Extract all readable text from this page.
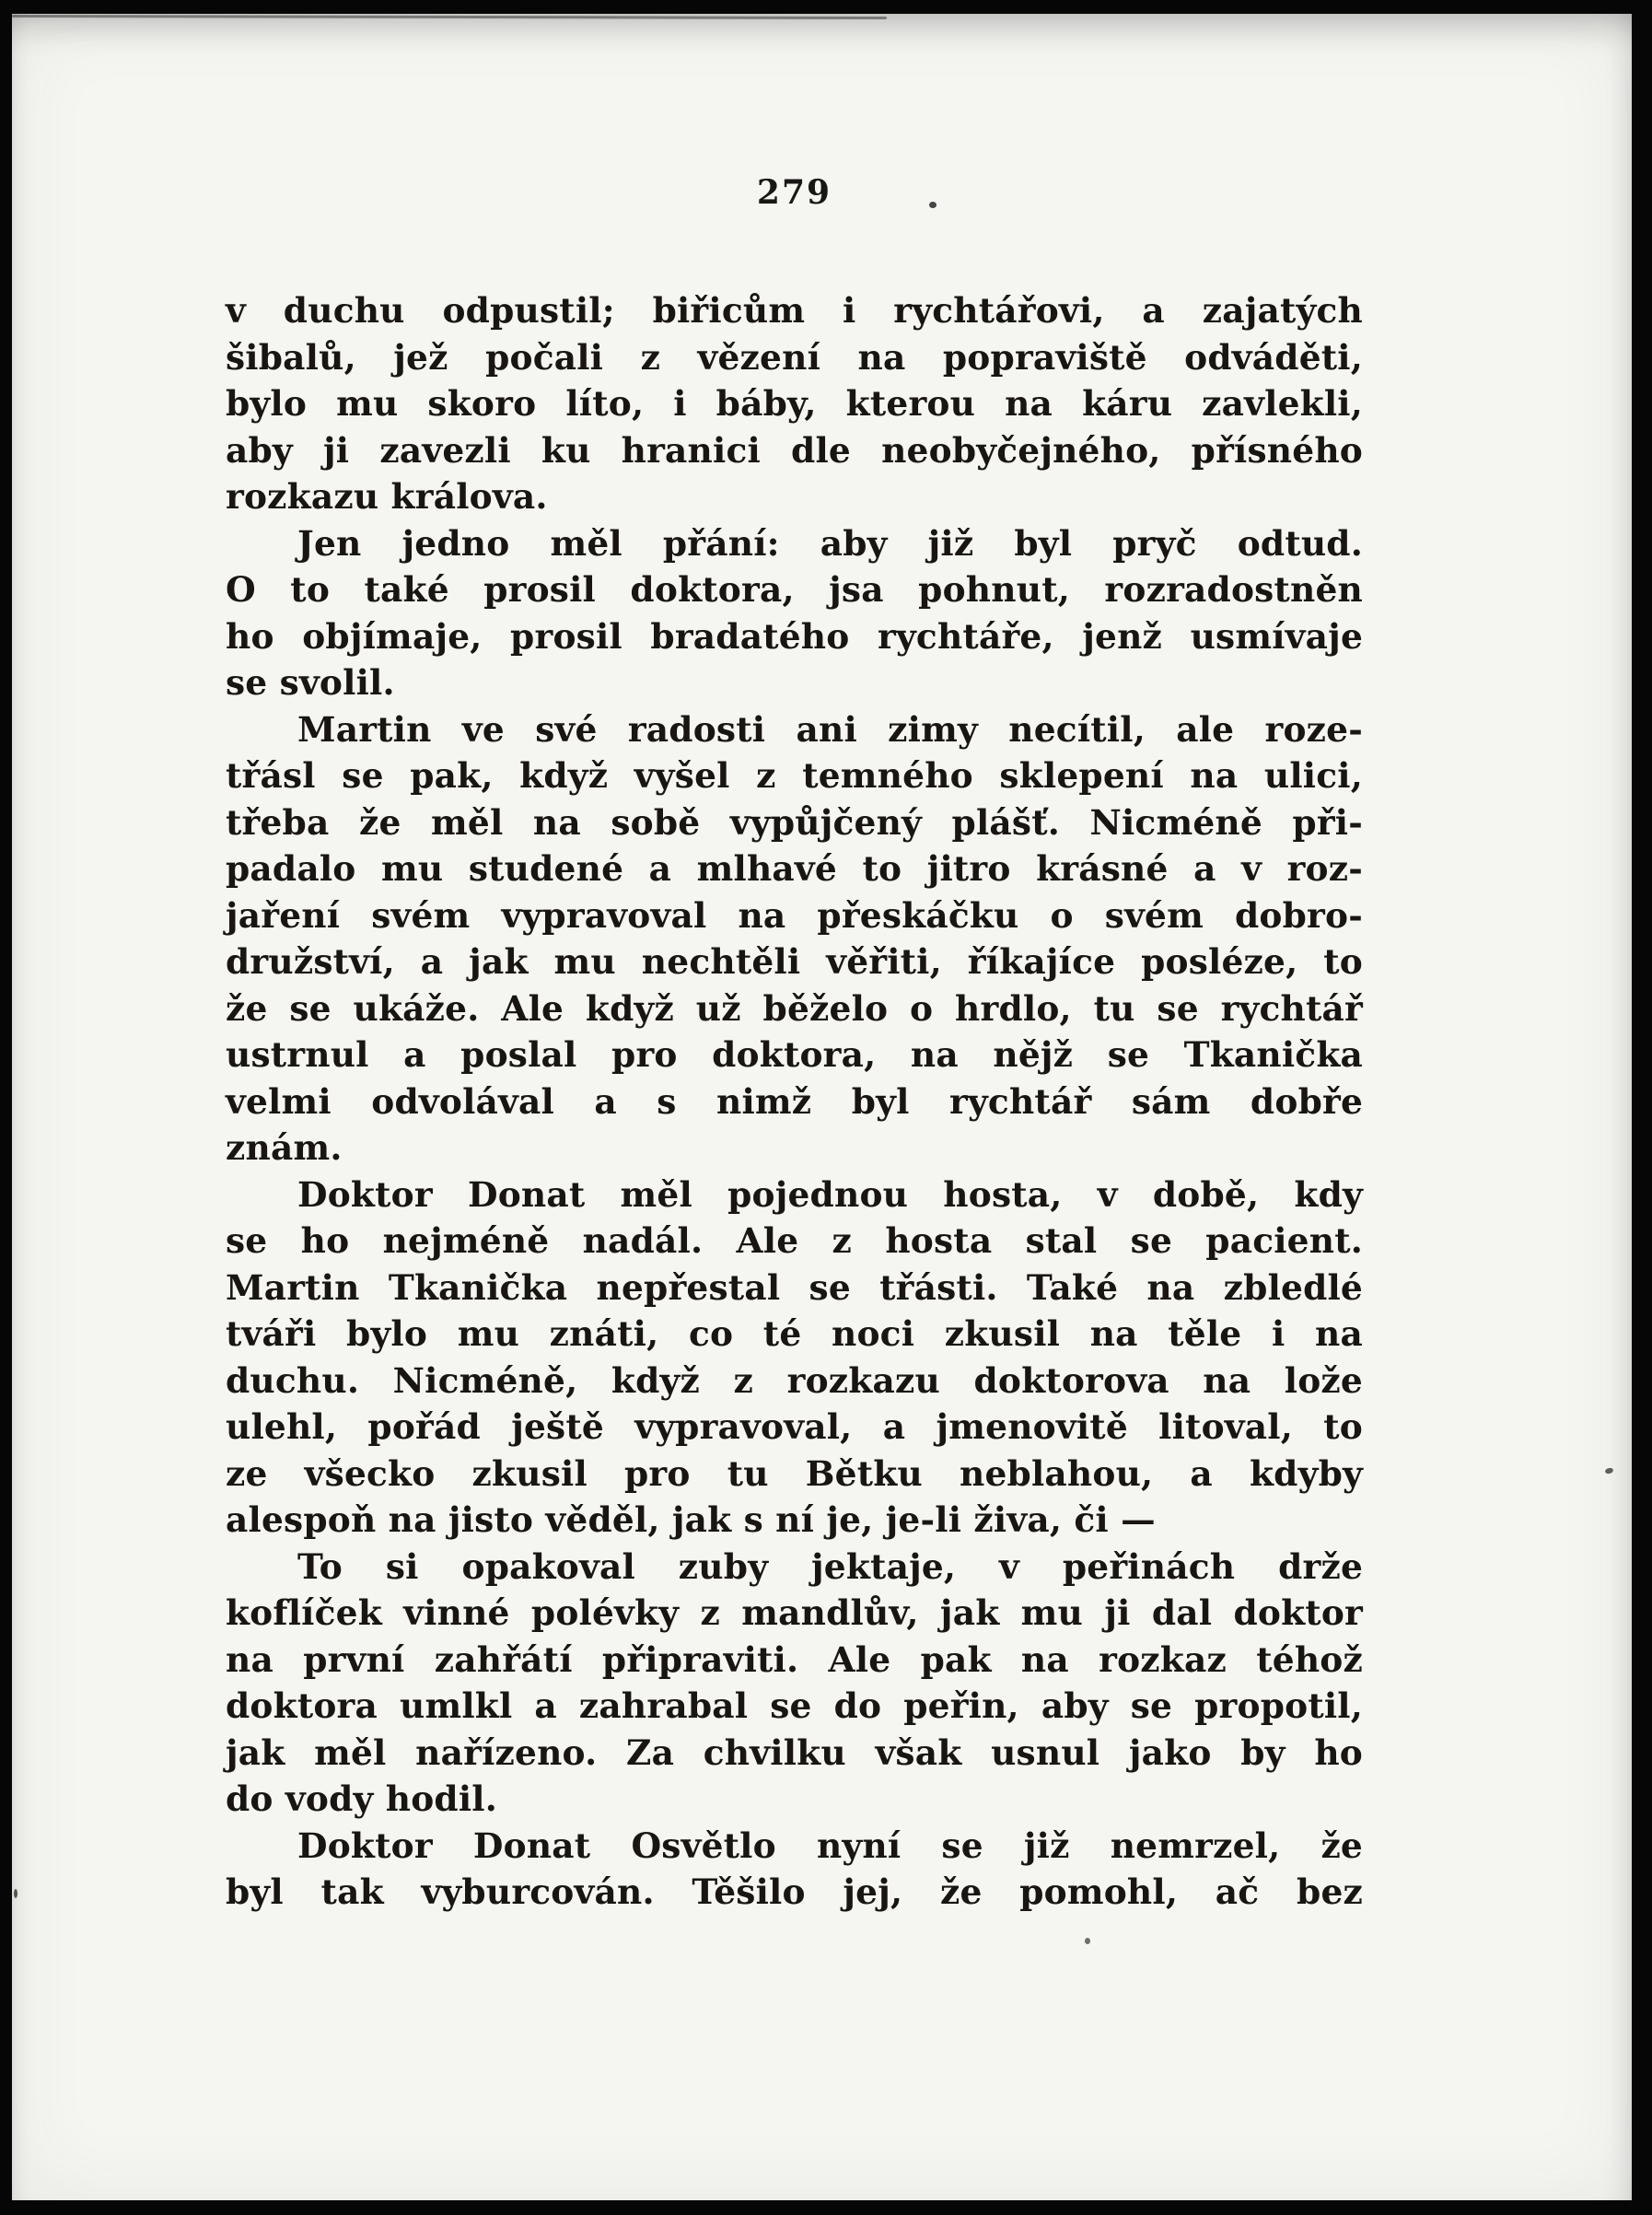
279
v duchu odpustil; biřicům i rychtářovi, a zajatých
šibalů, jež počali z vězení na popraviště odváděti,
bylo mu skoro líto, i báby, kterou na káru zavlekli,
aby ji zavezli ku hranici dle neobyčejného, přísného
rozkazu králova.
Jen jedno měl přání: aby již byl pryč odtud.
O to také prosil doktora, jsa pohnut, rozradostněn
ho objímaje, prosil bradatého rychtáře, jenž usmívaje
se svolil.
Martin ve své radosti ani zimy necítil, ale roze-
třásl se pak, když vyšel z temného sklepení na ulici,
třeba že měl na sobě vypůjčený plášť. Nicméně při-
padalo mu studené a mlhavé to jitro krásné a v roz-
jaření svém vypravoval na přeskáčku o svém dobro-
družství, a jak mu nechtěli věřiti, říkajíce posléze, to
že se ukáže. Ale když už běželo o hrdlo, tu se rychtář
ustrnul a poslal pro doktora, na nějž se Tkanička
velmi odvolával a s nimž byl rychtář sám dobře
znám.
Doktor Donat měl pojednou hosta, v době, kdy
se ho nejméně nadál. Ale z hosta stal se pacient.
Martin Tkanička nepřestal se třásti. Také na zbledlé
tváři bylo mu znáti, co té noci zkusil na těle i na
duchu. Nicméně, když z rozkazu doktorova na lože
ulehl, pořád ještě vypravoval, a jmenovitě litoval, to
ze všecko zkusil pro tu Bětku neblahou, a kdyby
alespoň na jisto věděl, jak s ní je, je-li živa, či —
To si opakoval zuby jektaje, v peřinách drže
koflíček vinné polévky z mandlův, jak mu ji dal doktor
na první zahřátí připraviti. Ale pak na rozkaz téhož
doktora umlkl a zahrabal se do peřin, aby se propotil,
jak měl nařízeno. Za chvilku však usnul jako by ho
do vody hodil.
Doktor Donat Osvětlo nyní se již nemrzel, že
byl tak vyburcován. Těšilo jej, že pomohl, ač bez
